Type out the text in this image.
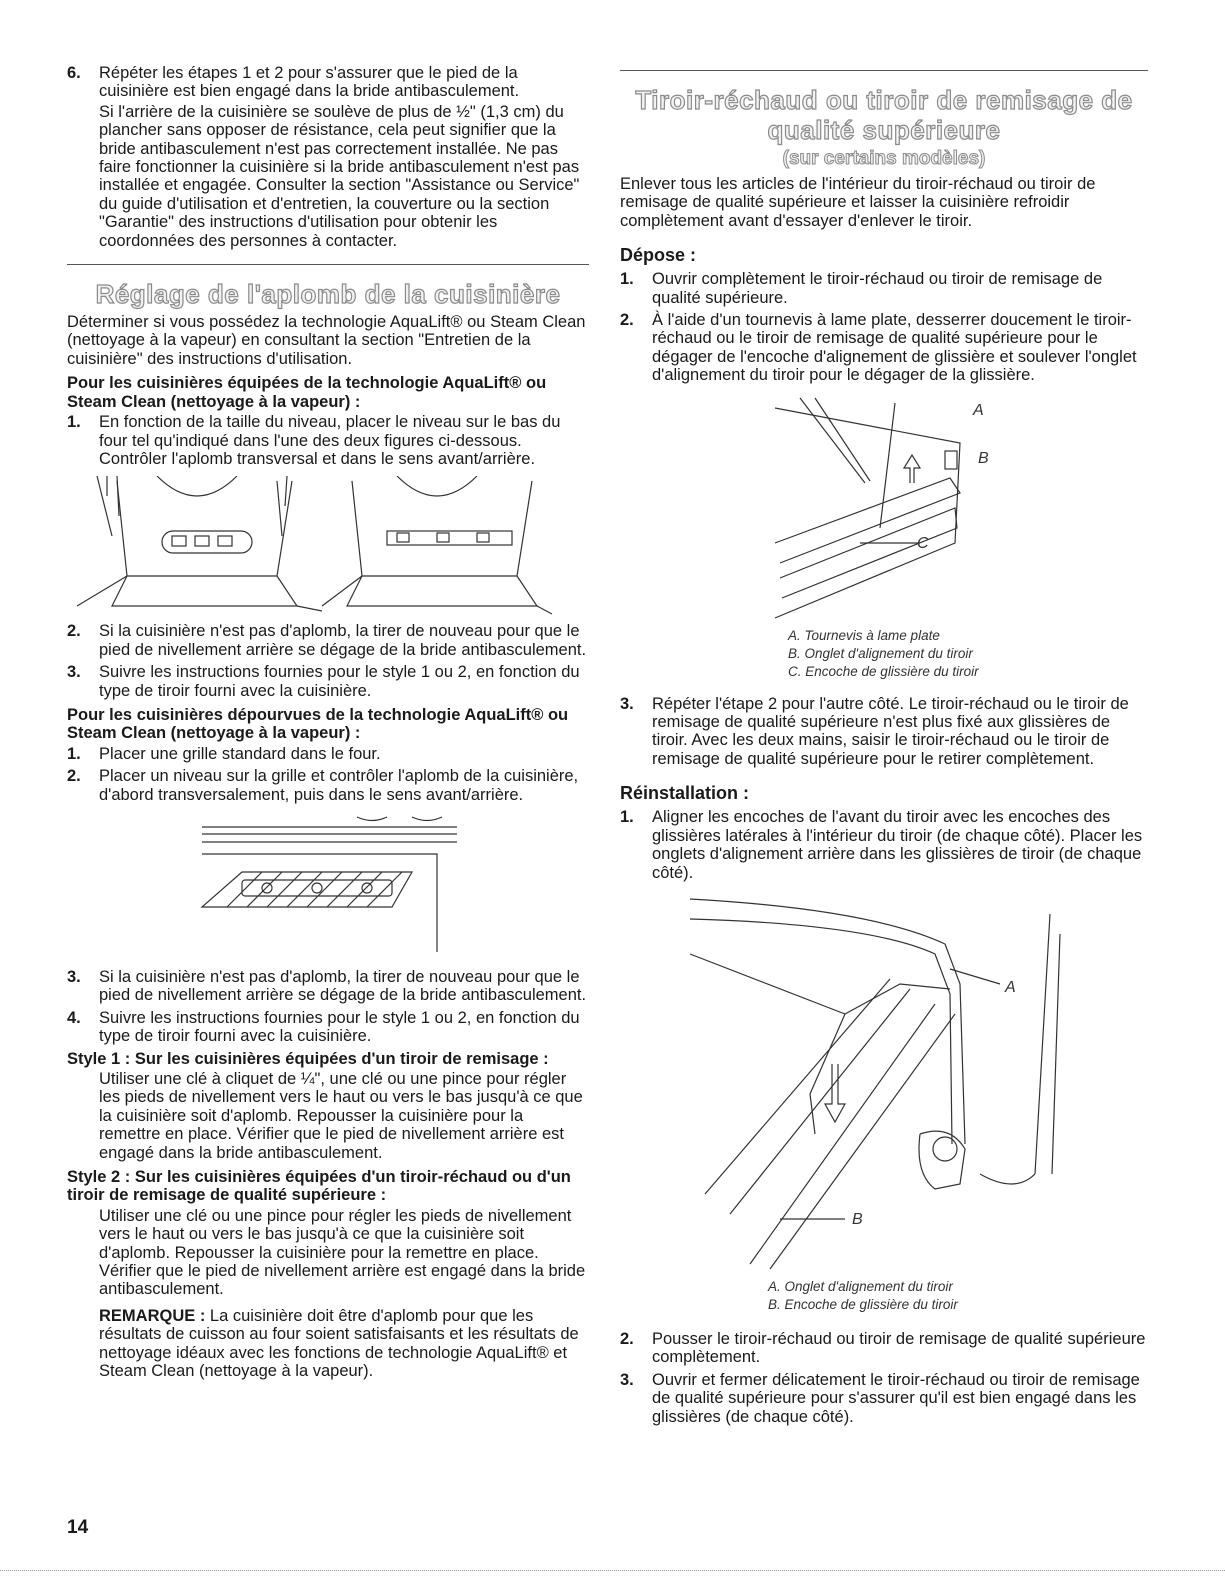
6. Répéter les étapes 1 et 2 pour s'assurer que le pied de la cuisinière est bien engagé dans la bride antibasculement.

Si l'arrière de la cuisinière se soulève de plus de ½" (1,3 cm) du plancher sans opposer de résistance, cela peut signifier que la bride antibasculement n'est pas correctement installée. Ne pas faire fonctionner la cuisinière si la bride antibasculement n'est pas installée et engagée. Consulter la section "Assistance ou Service" du guide d'utilisation et d'entretien, la couverture ou la section "Garantie" des instructions d'utilisation pour obtenir les coordonnées des personnes à contacter.

Réglage de l'aplomb de la cuisinière

Déterminer si vous possédez la technologie AquaLift® ou Steam Clean (nettoyage à la vapeur) en consultant la section "Entretien de la cuisinière" des instructions d'utilisation.

Pour les cuisinières équipées de la technologie AquaLift® ou Steam Clean (nettoyage à la vapeur) :

1. En fonction de la taille du niveau, placer le niveau sur le bas du four tel qu'indiqué dans l'une des deux figures ci-dessous. Contrôler l'aplomb transversal et dans le sens avant/arrière.

2. Si la cuisinière n'est pas d'aplomb, la tirer de nouveau pour que le pied de nivellement arrière se dégage de la bride antibasculement.

3. Suivre les instructions fournies pour le style 1 ou 2, en fonction du type de tiroir fourni avec la cuisinière.

Pour les cuisinières dépourvues de la technologie AquaLift® ou Steam Clean (nettoyage à la vapeur) :

1. Placer une grille standard dans le four.

2. Placer un niveau sur la grille et contrôler l'aplomb de la cuisinière, d'abord transversalement, puis dans le sens avant/arrière.

3. Si la cuisinière n'est pas d'aplomb, la tirer de nouveau pour que le pied de nivellement arrière se dégage de la bride antibasculement.

4. Suivre les instructions fournies pour le style 1 ou 2, en fonction du type de tiroir fourni avec la cuisinière.

Style 1 : Sur les cuisinières équipées d'un tiroir de remisage :

Utiliser une clé à cliquet de ¼", une clé ou une pince pour régler les pieds de nivellement vers le haut ou vers le bas jusqu'à ce que la cuisinière soit d'aplomb. Repousser la cuisinière pour la remettre en place. Vérifier que le pied de nivellement arrière est engagé dans la bride antibasculement.

Style 2 : Sur les cuisinières équipées d'un tiroir-réchaud ou d'un tiroir de remisage de qualité supérieure :

Utiliser une clé ou une pince pour régler les pieds de nivellement vers le haut ou vers le bas jusqu'à ce que la cuisinière soit d'aplomb. Repousser la cuisinière pour la remettre en place. Vérifier que le pied de nivellement arrière est engagé dans la bride antibasculement.

REMARQUE : La cuisinière doit être d'aplomb pour que les résultats de cuisson au four soient satisfaisants et les résultats de nettoyage idéaux avec les fonctions de technologie AquaLift® et Steam Clean (nettoyage à la vapeur).

Tiroir-réchaud ou tiroir de remisage de

qualité supérieure

(sur certains modèles)

Enlever tous les articles de l'intérieur du tiroir-réchaud ou tiroir de remisage de qualité supérieure et laisser la cuisinière refroidir complètement avant d'essayer d'enlever le tiroir.

Dépose :

1. Ouvrir complètement le tiroir-réchaud ou tiroir de remisage de qualité supérieure.

2. À l'aide d'un tournevis à lame plate, desserrer doucement le tiroir-réchaud ou le tiroir de remisage de qualité supérieure pour le dégager de l'encoche d'alignement de glissière et soulever l'onglet d'alignement du tiroir pour le dégager de la glissière.

A
B
C

A. Tournevis à lame plate

B. Onglet d'alignement du tiroir

C. Encoche de glissière du tiroir

3. Répéter l'étape 2 pour l'autre côté. Le tiroir-réchaud ou le tiroir de remisage de qualité supérieure n'est plus fixé aux glissières de tiroir. Avec les deux mains, saisir le tiroir-réchaud ou le tiroir de remisage de qualité supérieure pour le retirer complètement.

Réinstallation :

1. Aligner les encoches de l'avant du tiroir avec les encoches des glissières latérales à l'intérieur du tiroir (de chaque côté). Placer les onglets d'alignement arrière dans les glissières de tiroir (de chaque côté).

A
B

A. Onglet d'alignement du tiroir

B. Encoche de glissière du tiroir

2. Pousser le tiroir-réchaud ou tiroir de remisage de qualité supérieure complètement.

3. Ouvrir et fermer délicatement le tiroir-réchaud ou tiroir de remisage de qualité supérieure pour s'assurer qu'il est bien engagé dans les glissières (de chaque côté).

14
